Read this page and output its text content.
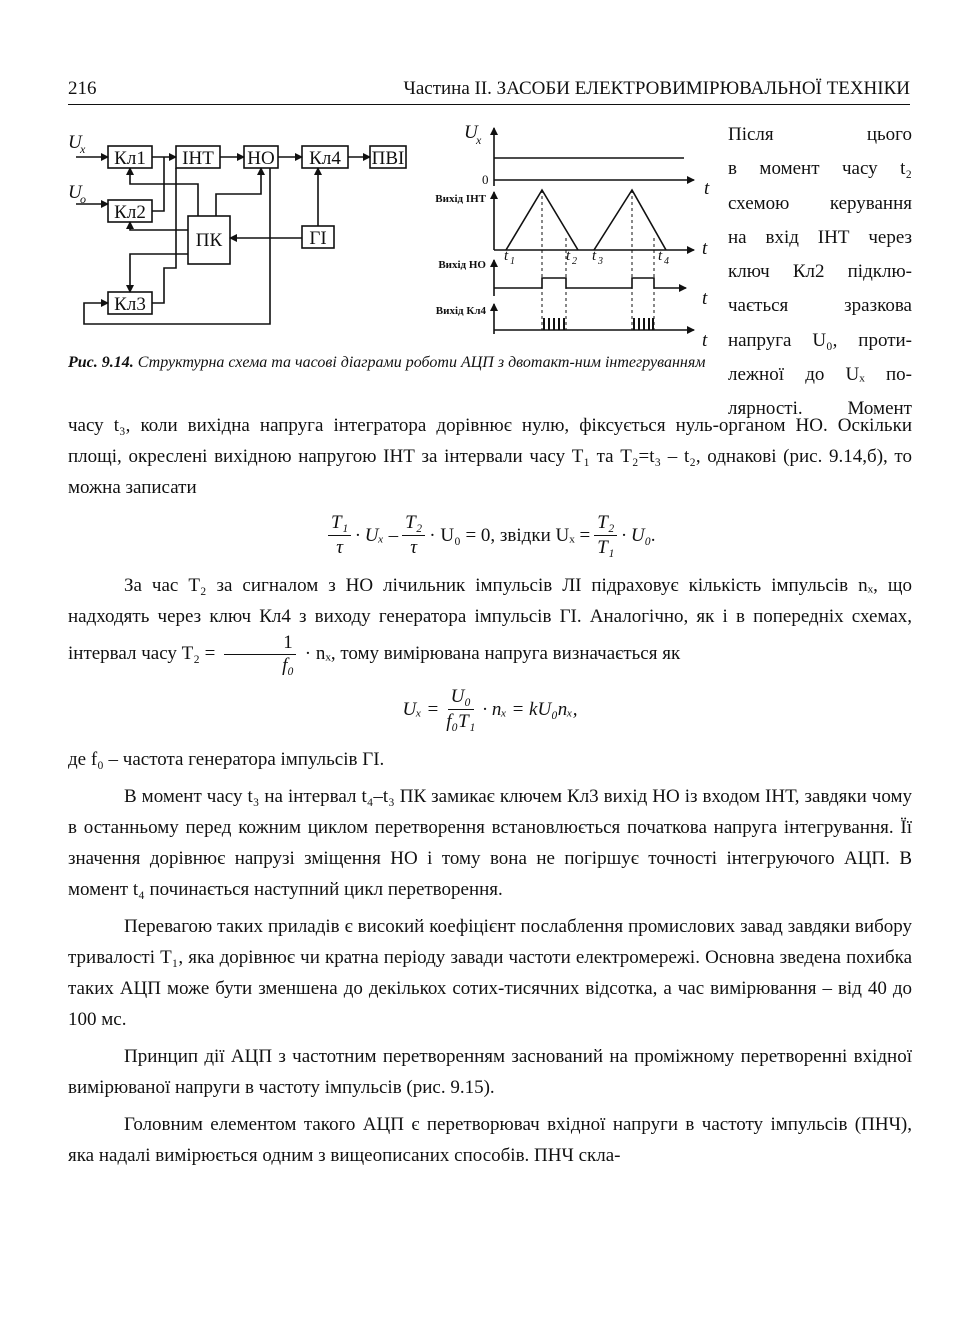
216	Частина II. ЗАСОБИ ЕЛЕКТРОВИМІРЮВАЛЬНОЇ ТЕХНІКИ
Кл1 ІНТ НО Кл4 ПВІ
Кл2
ПК	ГІ
Кл3
U
x
U
o
U
x
0	t
t
t
t
t 1	t 2 t 3	t 4
Вихід ІНТ
Вихід НО
Вихід Кл4
Рис. 9.14. Структурна схема та часові діаграми роботи АЦП з двотакт-ним інтегруванням
Після цього
в момент часу t₂
схемою керування
на вхід ІНТ через
ключ Кл2 підклю-
чається зразкова
напруга U₀, проти-
лежної до Uₓ по-
лярності. Момент

часу t₃, коли вихідна напруга інтегратора дорівнює нулю, фіксується нуль-органом НО. Оскільки площі, окреслені вихідною напругою ІНТ за інтервали часу T₁ та T₂=t₃ – t₂, однакові (рис. 9.14,б), то можна записати

$\frac{\text{T₁}}{\tau} \cdot U_x - \frac{\text{T₂}}{\tau} \cdot U_0 = 0$, звідки $U_x = \frac{\text{T₂}}{\text{T₁}} \cdot U_0$.

За час T₂ за сигналом з НО лічильник імпульсів ЛІ підраховує кількість імпульсів nₓ, що надходять через ключ Кл4 з виходу генератора імпульсів ГІ. Аналогічно, як і в попередніх схемах, інтервал часу $T_2 = \frac{1}{\text{f₀}} \cdot n_x$, тому вимірювана напруга визначається як

$U_x = \frac{\text{U₀}}{\text{f₀T₁}} \cdot n_x = kU_0n_x$,

де f₀ – частота генератора імпульсів ГІ.

В момент часу t₃ на інтервал t₄–t₃ ПК замикає ключем Кл3 вихід НО із входом ІНТ, завдяки чому в останньому перед кожним циклом перетворення встановлюється початкова напруга інтегрування. Її значення дорівнює напрузі зміщення НО і тому вона не погіршує точності інтегруючого АЦП. В момент t₄ починається наступний цикл перетворення.

Перевагою таких приладів є високий коефіцієнт послаблення промислових завад завдяки вибору тривалості T₁, яка дорівнює чи кратна періоду завади частоти електромережі. Основна зведена похибка таких АЦП може бути зменшена до декількох сотих-тисячних відсотка, а час вимірювання – від 40 до 100 мс.

Принцип дії АЦП з частотним перетворенням заснований на проміжному перетворенні вхідної вимірюваної напруги в частоту імпульсів (рис. 9.15).

Головним елементом такого АЦП є перетворювач вхідної напруги в частоту імпульсів (ПНЧ), яка надалі вимірюється одним з вищеописаних способів. ПНЧ скла-
